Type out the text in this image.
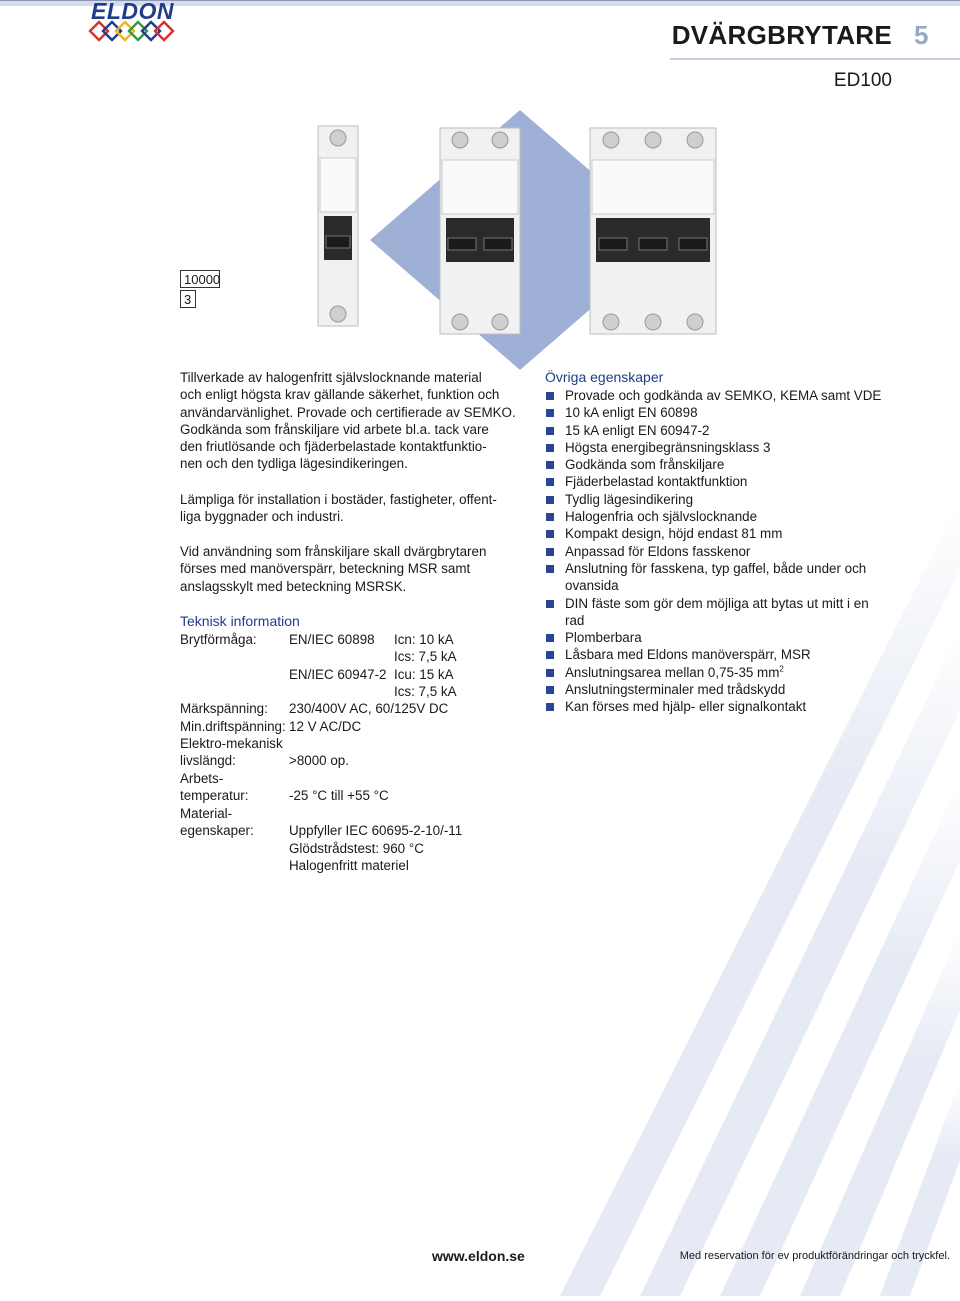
ELDON
DVÄRGBRYTARE 5
ED100
10000
3
Tillverkade av halogenfritt självslocknande material
och enligt högsta krav gällande säkerhet, funktion och
användarvänlighet. Provade och certifierade av SEMKO.
Godkända som frånskiljare vid arbete bl.a. tack vare
den friutlösande och fjäderbelastade kontaktfunktio-
nen och den tydliga lägesindikeringen.
Lämpliga för installation i bostäder, fastigheter, offent-
liga byggnader och industri.
Vid användning som frånskiljare skall dvärgbrytaren
förses med manöverspärr, beteckning MSR samt
anslagsskylt med beteckning MSRSK.
Teknisk information
Brytförmåga: EN/IEC 60898 Icn: 10 kA
Ics: 7,5 kA
EN/IEC 60947-2 Icu: 15 kA
Ics: 7,5 kA
Märkspänning: 230/400V AC, 60/125V DC
Min.driftspänning: 12 V AC/DC
Elektro-mekanisk
livslängd:	>8000 op.
Arbets-
temperatur:	-25 °C till +55 °C
Material-
egenskaper:	Uppfyller IEC 60695-2-10/-11
Glödstrådstest: 960 °C
Halogenfritt materiel
Övriga egenskaper
Provade och godkända av SEMKO, KEMA samt VDE
10 kA enligt EN 60898
15 kA enligt EN 60947-2
Högsta energibegränsningsklass 3
Godkända som frånskiljare
Fjäderbelastad kontaktfunktion
Tydlig lägesindikering
Halogenfria och självslocknande
Kompakt design, höjd endast 81 mm
Anpassad för Eldons fasskenor
Anslutning för fasskena, typ gaffel, både under och ovansida
DIN fäste som gör dem möjliga att bytas ut mitt i en rad
Plomberbara
Låsbara med Eldons manöverspärr, MSR
Anslutningsarea mellan 0,75-35 $mm^2$
Anslutningsterminaler med trådskydd
Kan förses med hjälp- eller signalkontakt
www.eldon.se	Med reservation för ev produktförändringar och tryckfel.
